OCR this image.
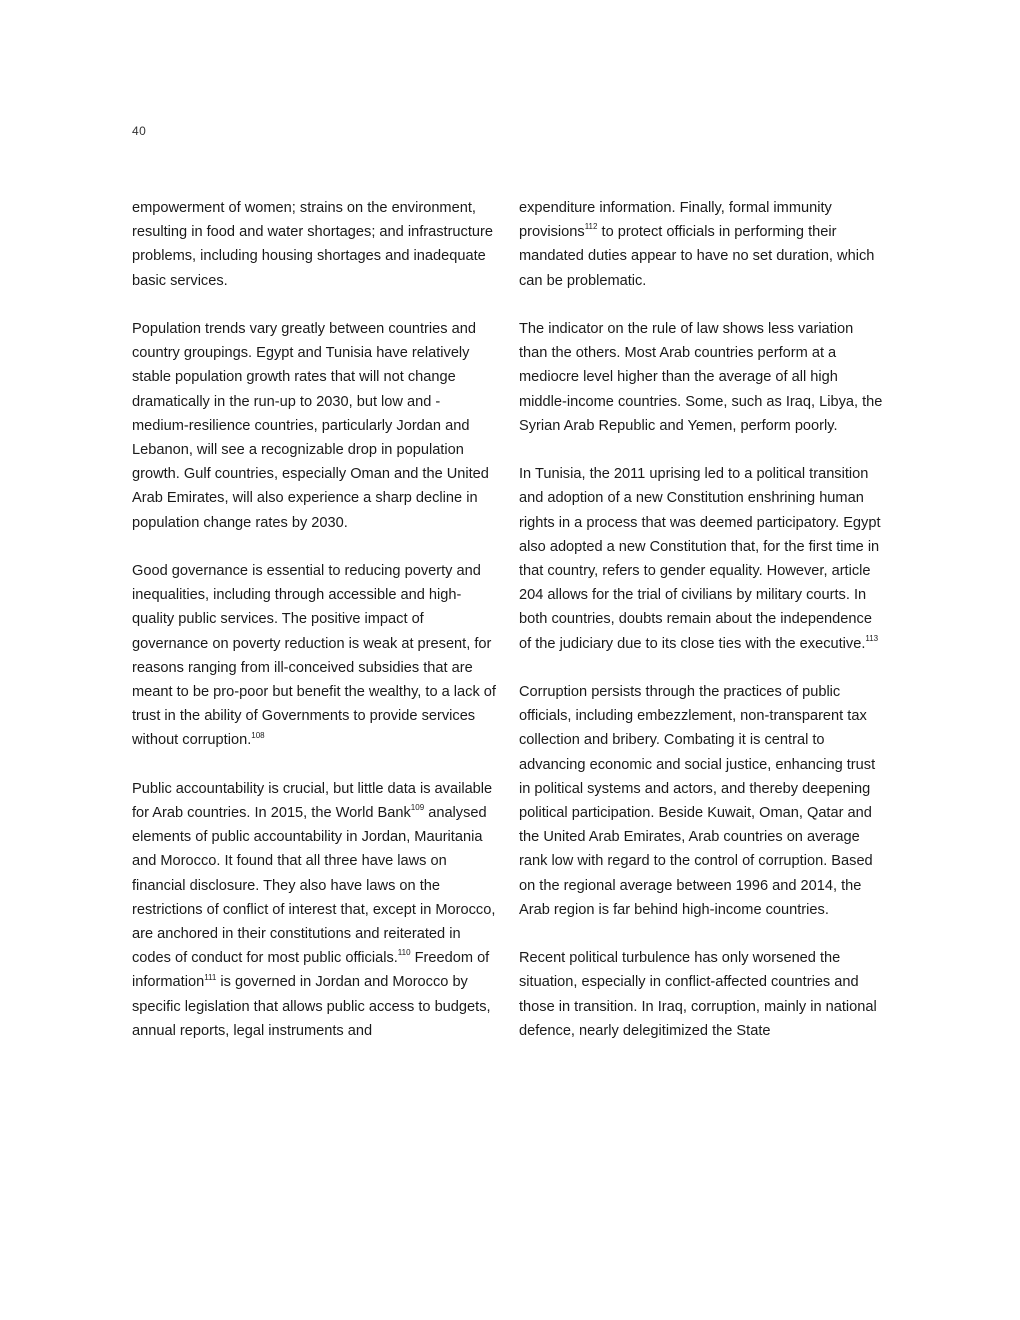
40

empowerment of women; strains on the environment, resulting in food and water shortages; and infrastructure problems, including housing shortages and inadequate basic services.

Population trends vary greatly between countries and country groupings. Egypt and Tunisia have relatively stable population growth rates that will not change dramatically in the run-up to 2030, but low and - medium-resilience countries, particularly Jordan and Lebanon, will see a recognizable drop in population growth. Gulf countries, especially Oman and the United Arab Emirates, will also experience a sharp decline in population change rates by 2030.

Good governance is essential to reducing poverty and inequalities, including through accessible and high-quality public services. The positive impact of governance on poverty reduction is weak at present, for reasons ranging from ill-conceived subsidies that are meant to be pro-poor but benefit the wealthy, to a lack of trust in the ability of Governments to provide services without corruption.$^{108}$

Public accountability is crucial, but little data is available for Arab countries. In 2015, the World Bank$^{109}$ analysed elements of public accountability in Jordan, Mauritania and Morocco. It found that all three have laws on financial disclosure. They also have laws on the restrictions of conflict of interest that, except in Morocco, are anchored in their constitutions and reiterated in codes of conduct for most public officials.$^{110}$ Freedom of information$^{111}$ is governed in Jordan and Morocco by specific legislation that allows public access to budgets, annual reports, legal instruments and

expenditure information. Finally, formal immunity provisions$^{112}$ to protect officials in performing their mandated duties appear to have no set duration, which can be problematic.

The indicator on the rule of law shows less variation than the others. Most Arab countries perform at a mediocre level higher than the average of all high middle-income countries. Some, such as Iraq, Libya, the Syrian Arab Republic and Yemen, perform poorly.

In Tunisia, the 2011 uprising led to a political transition and adoption of a new Constitution enshrining human rights in a process that was deemed participatory. Egypt also adopted a new Constitution that, for the first time in that country, refers to gender equality. However, article 204 allows for the trial of civilians by military courts. In both countries, doubts remain about the independence of the judiciary due to its close ties with the executive.$^{113}$

Corruption persists through the practices of public officials, including embezzlement, non-transparent tax collection and bribery. Combating it is central to advancing economic and social justice, enhancing trust in political systems and actors, and thereby deepening political participation. Beside Kuwait, Oman, Qatar and the United Arab Emirates, Arab countries on average rank low with regard to the control of corruption. Based on the regional average between 1996 and 2014, the Arab region is far behind high-income countries.

Recent political turbulence has only worsened the situation, especially in conflict-affected countries and those in transition. In Iraq, corruption, mainly in national defence, nearly delegitimized the State
